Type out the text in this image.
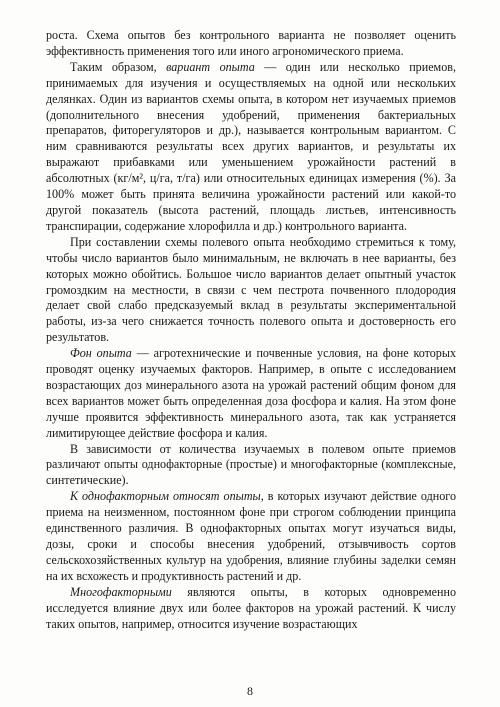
роста. Схема опытов без контрольного варианта не позволяет оценить эффективность применения того или иного агрономического приема.

Таким образом, вариант опыта — один или несколько приемов, принимаемых для изучения и осуществляемых на одной или нескольких делянках. Один из вариантов схемы опыта, в котором нет изучаемых приемов (дополнительного внесения удобрений, применения бактериальных препаратов, фиторегуляторов и др.), называется контрольным вариантом. С ним сравниваются результаты всех других вариантов, и результаты их выражают прибавками или уменьшением урожайности растений в абсолютных (кг/м², ц/га, т/га) или относительных единицах измерения (%). За 100% может быть принята величина урожайности растений или какой-то другой показатель (высота растений, площадь листьев, интенсивность транспирации, содержание хлорофилла и др.) контрольного варианта.

При составлении схемы полевого опыта необходимо стремиться к тому, чтобы число вариантов было минимальным, не включать в нее варианты, без которых можно обойтись. Большое число вариантов делает опытный участок громоздким на местности, в связи с чем пестрота почвенного плодородия делает свой слабо предсказуемый вклад в результаты экспериментальной работы, из-за чего снижается точность полевого опыта и достоверность его результатов.

Фон опыта — агротехнические и почвенные условия, на фоне которых проводят оценку изучаемых факторов. Например, в опыте с исследованием возрастающих доз минерального азота на урожай растений общим фоном для всех вариантов может быть определенная доза фосфора и калия. На этом фоне лучше проявится эффективность минерального азота, так как устраняется лимитирующее действие фосфора и калия.

В зависимости от количества изучаемых в полевом опыте приемов различают опыты однофакторные (простые) и многофакторные (комплексные, синтетические).

К однофакторным относят опыты, в которых изучают действие одного приема на неизменном, постоянном фоне при строгом соблюдении принципа единственного различия. В однофакторных опытах могут изучаться виды, дозы, сроки и способы внесения удобрений, отзывчивость сортов сельскохозяйственных культур на удобрения, влияние глубины заделки семян на их всхожесть и продуктивность растений и др.

Многофакторными являются опыты, в которых одновременно исследуется влияние двух или более факторов на урожай растений. К числу таких опытов, например, относится изучение возрастающих

8
